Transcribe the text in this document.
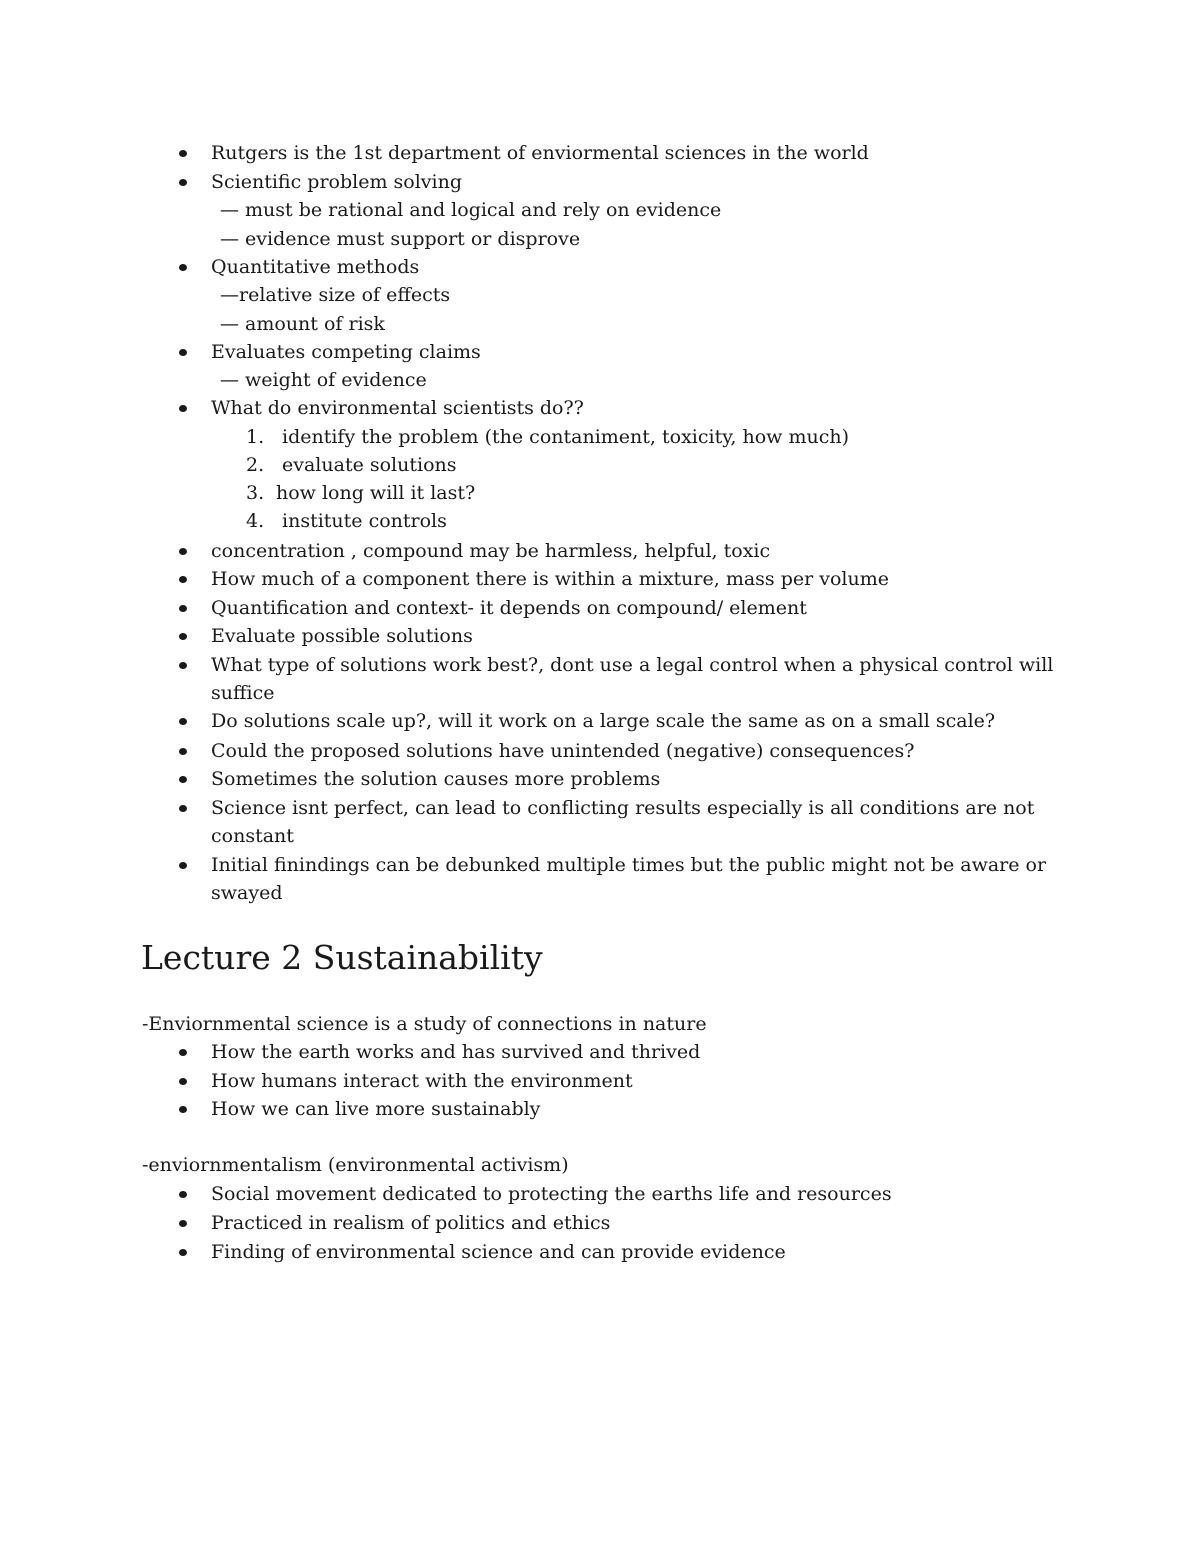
Rutgers is the 1st department of enviormental sciences in the world

Scientific problem solving

— must be rational and logical and rely on evidence

— evidence must support or disprove

Quantitative methods

—relative size of effects

— amount of risk

Evaluates competing claims

— weight of evidence

What do environmental scientists do??

1. identify the problem (the contaniment, toxicity, how much)

2. evaluate solutions

3. how long will it last?

4. institute controls

concentration , compound may be harmless, helpful, toxic

How much of a component there is within a mixture, mass per volume

Quantification and context- it depends on compound/ element

Evaluate possible solutions

What type of solutions work best?, dont use a legal control when a physical control will

suffice

Do solutions scale up?, will it work on a large scale the same as on a small scale?

Could the proposed solutions have unintended (negative) consequences?

Sometimes the solution causes more problems

Science isnt perfect, can lead to conflicting results especially is all conditions are not

constant

Initial finindings can be debunked multiple times but the public might not be aware or

swayed

Lecture 2 Sustainability

-Enviornmental science is a study of connections in nature

How the earth works and has survived and thrived

How humans interact with the environment

How we can live more sustainably

-enviornmentalism (environmental activism)

Social movement dedicated to protecting the earths life and resources

Practiced in realism of politics and ethics

Finding of environmental science and can provide evidence
